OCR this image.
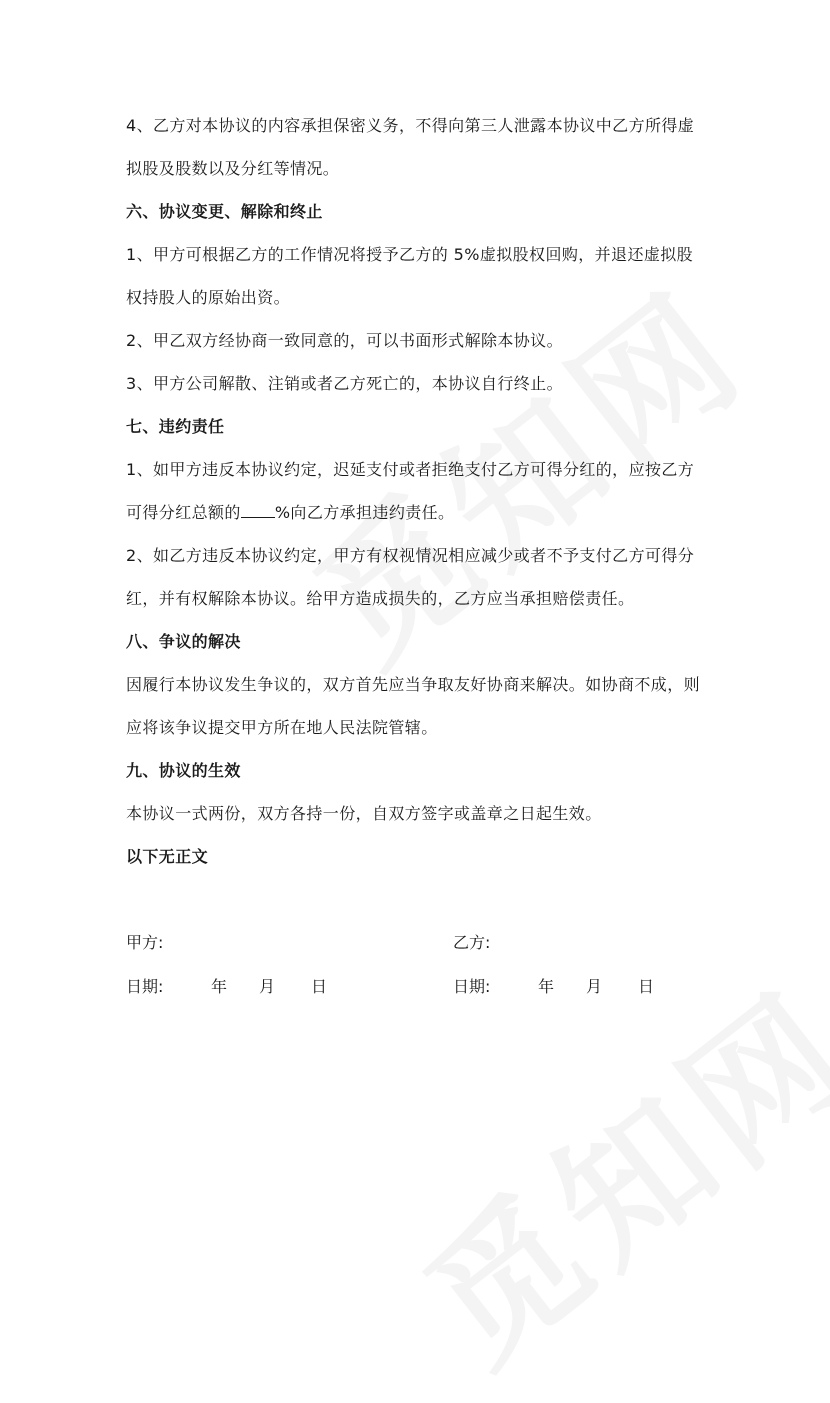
4、乙方对本协议的内容承担保密义务，不得向第三人泄露本协议中乙方所得虚

拟股及股数以及分红等情况。

六、协议变更、解除和终止

1、甲方可根据乙方的工作情况将授予乙方的 5%虚拟股权回购，并退还虚拟股

权持股人的原始出资。

2、甲乙双方经协商一致同意的，可以书面形式解除本协议。

3、甲方公司解散、注销或者乙方死亡的，本协议自行终止。

七、违约责任

1、如甲方违反本协议约定，迟延支付或者拒绝支付乙方可得分红的，应按乙方

可得分红总额的 %向乙方承担违约责任。

2、如乙方违反本协议约定，甲方有权视情况相应减少或者不予支付乙方可得分

红，并有权解除本协议。给甲方造成损失的，乙方应当承担赔偿责任。

八、争议的解决

因履行本协议发生争议的，双方首先应当争取友好协商来解决。如协商不成，则

应将该争议提交甲方所在地人民法院管辖。

九、协议的生效

本协议一式两份，双方各持一份，自双方签字或盖章之日起生效。

以下无正文

甲方:	乙方:
日期:	年 月 日	日期:	年 月 日
